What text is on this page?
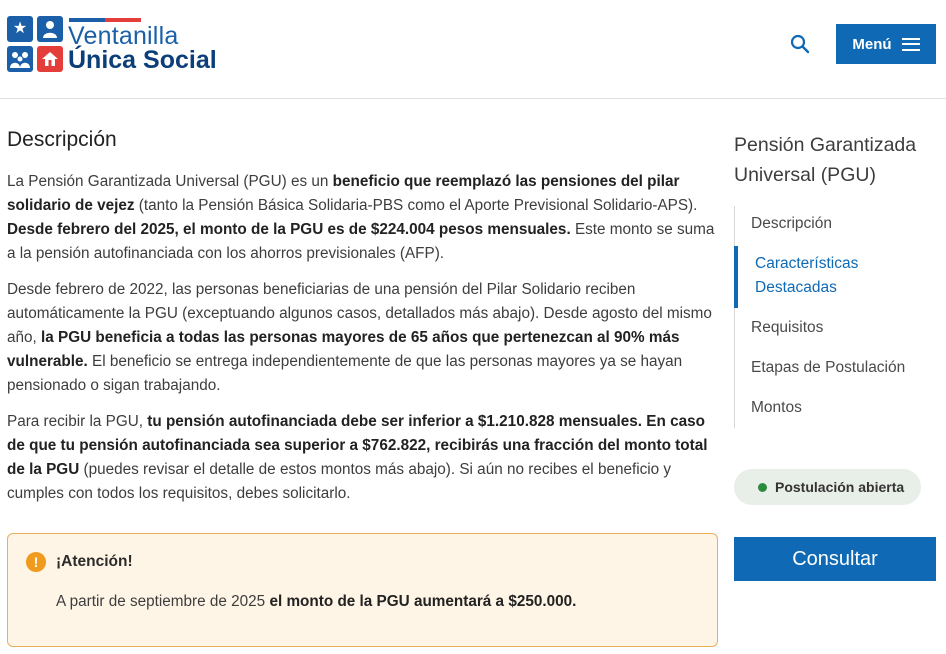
★ Ventanilla
Única Social
Menú
Descripción

La Pensión Garantizada Universal (PGU) es un beneficio que reemplazó las pensiones del pilar solidario de vejez (tanto la Pensión Básica Solidaria-PBS como el Aporte Previsional Solidario-APS). Desde febrero del 2025, el monto de la PGU es de $224.004 pesos mensuales. Este monto se suma a la pensión autofinanciada con los ahorros previsionales (AFP).

Desde febrero de 2022, las personas beneficiarias de una pensión del Pilar Solidario reciben automáticamente la PGU (exceptuando algunos casos, detallados más abajo). Desde agosto del mismo año, la PGU beneficia a todas las personas mayores de 65 años que pertenezcan al 90% más vulnerable. El beneficio se entrega independientemente de que las personas mayores ya se hayan pensionado o sigan trabajando.

Para recibir la PGU, tu pensión autofinanciada debe ser inferior a $1.210.828 mensuales. En caso de que tu pensión autofinanciada sea superior a $762.822, recibirás una fracción del monto total de la PGU (puedes revisar el detalle de estos montos más abajo). Si aún no recibes el beneficio y cumples con todos los requisitos, debes solicitarlo.

!	¡Atención!
A partir de septiembre de 2025 el monto de la PGU aumentará a $250.000.
Pensión Garantizada Universal (PGU)
Descripción
Características Destacadas
Requisitos
Etapas de Postulación
Montos
Postulación abierta
Consultar
